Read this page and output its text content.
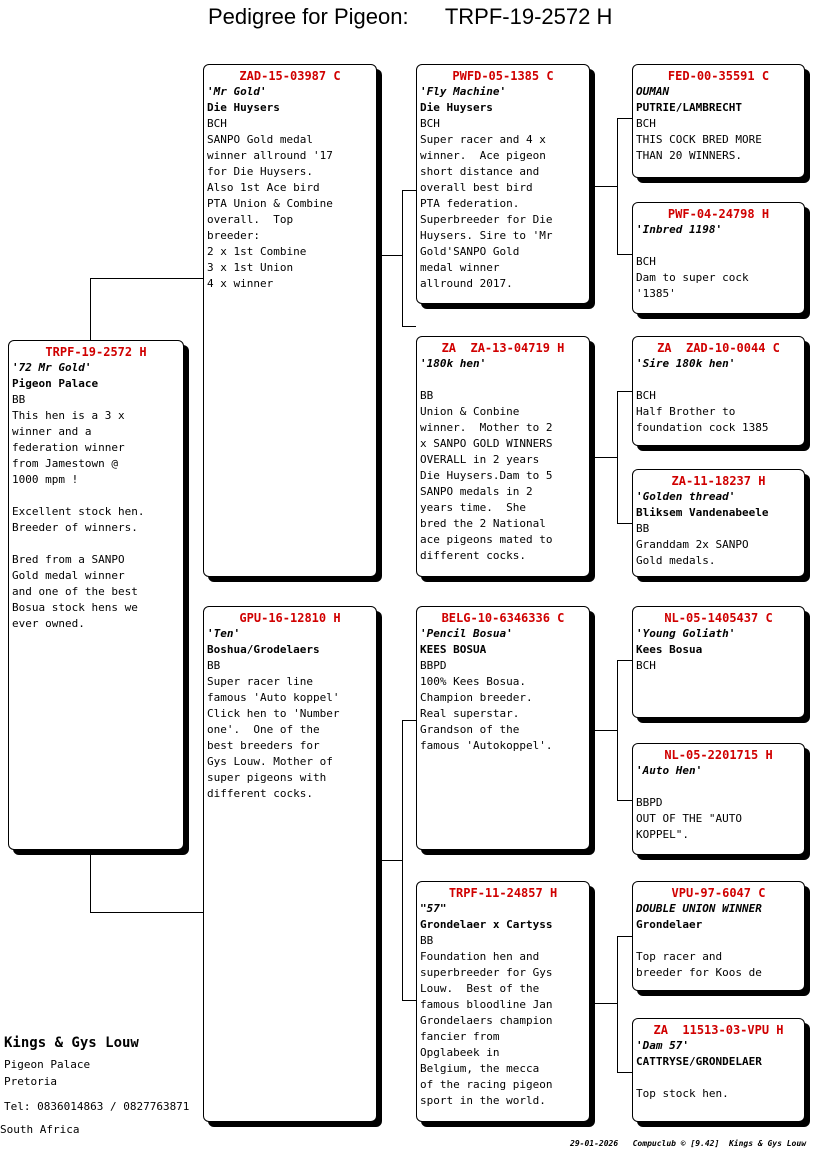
Pedigree for Pigeon: TRPF-19-2572 H
TRPF-19-2572 H
'72 Mr Gold'
Pigeon Palace
BB
This hen is a 3 x
winner and a
federation winner
from Jamestown @
1000 mpm !

Excellent stock hen.
Breeder of winners.

Bred from a SANPO
Gold medal winner
and one of the best
Bosua stock hens we
ever owned.
ZAD-15-03987 C
'Mr Gold'
Die Huysers
BCH
SANPO Gold medal
winner allround '17
for Die Huysers.
Also 1st Ace bird
PTA Union & Combine
overall.  Top
breeder:
2 x 1st Combine
3 x 1st Union
4 x winner
GPU-16-12810 H
'Ten'
Boshua/Grodelaers
BB
Super racer line
famous 'Auto koppel'
Click hen to 'Number
one'.  One of the
best breeders for
Gys Louw. Mother of
super pigeons with
different cocks.
PWFD-05-1385 C
'Fly Machine'
Die Huysers
BCH
Super racer and 4 x
winner.  Ace pigeon
short distance and
overall best bird
PTA federation.
Superbreeder for Die
Huysers. Sire to 'Mr
Gold'SANPO Gold
medal winner
allround 2017.
ZA  ZA-13-04719 H
'180k hen'
BB
Union & Conbine
winner.  Mother to 2
x SANPO GOLD WINNERS
OVERALL in 2 years
Die Huysers.Dam to 5
SANPO medals in 2
years time.  She
bred the 2 National
ace pigeons mated to
different cocks.
BELG-10-6346336 C
'Pencil Bosua'
KEES BOSUA
BBPD
100% Kees Bosua.
Champion breeder.
Real superstar.
Grandson of the
famous 'Autokoppel'.
TRPF-11-24857 H
"57"
Grondelaer x Cartyss
BB
Foundation hen and
superbreeder for Gys
Louw.  Best of the
famous bloodline Jan
Grondelaers champion
fancier from
Opglabeek in
Belgium, the mecca
of the racing pigeon
sport in the world.
FED-00-35591 C
OUMAN
PUTRIE/LAMBRECHT
BCH
THIS COCK BRED MORE
THAN 20 WINNERS.
PWF-04-24798 H
'Inbred 1198'
BCH
Dam to super cock
'1385'
ZA  ZAD-10-0044 C
'Sire 180k hen'
BCH
Half Brother to
foundation cock 1385
ZA-11-18237 H
'Golden thread'
Bliksem Vandenabeele
BB
Granddam 2x SANPO
Gold medals.
NL-05-1405437 C
'Young Goliath'
Kees Bosua
BCH
NL-05-2201715 H
'Auto Hen'
BBPD
OUT OF THE "AUTO
KOPPEL".
VPU-97-6047 C
DOUBLE UNION WINNER
Grondelaer
Top racer and
breeder for Koos de
ZA  11513-03-VPU H
'Dam 57'
CATTRYSE/GRONDELAER
Top stock hen.
Kings & Gys Louw
Pigeon Palace
Pretoria
Tel: 0836014863 / 0827763871
South Africa
29-01-2026   Compuclub © [9.42]  Kings & Gys Louw
